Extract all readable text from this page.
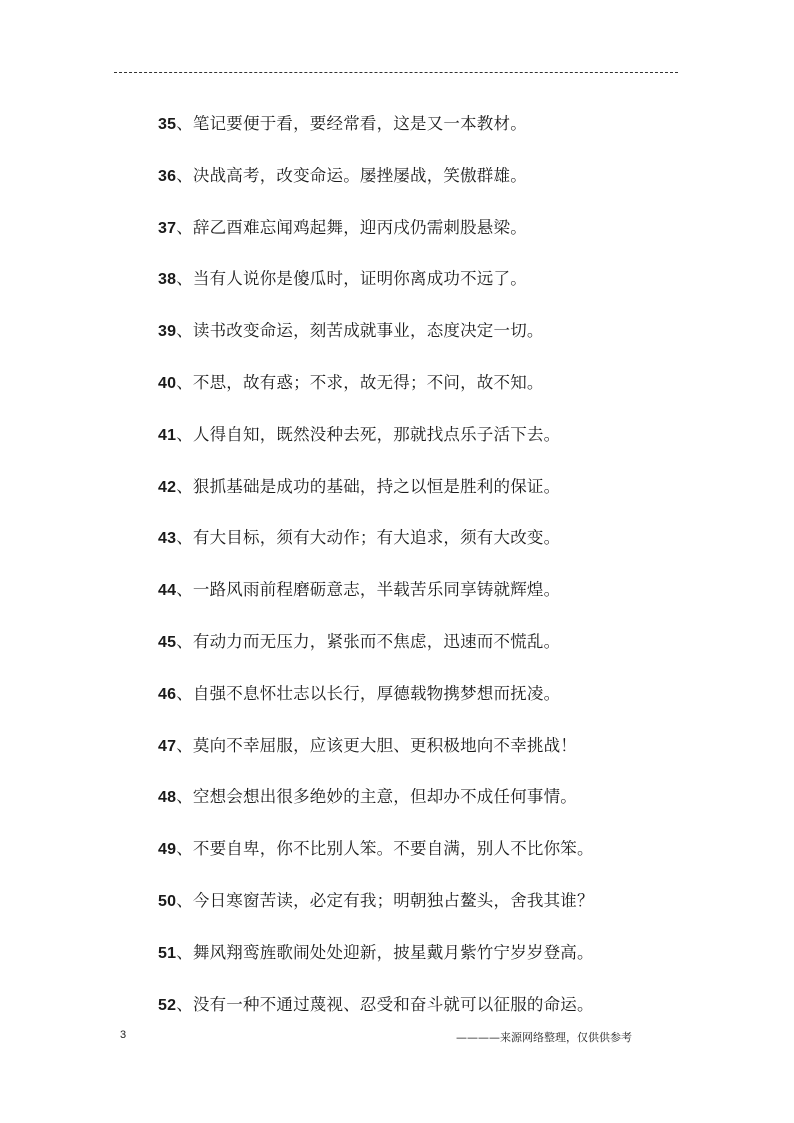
35、笔记要便于看，要经常看，这是又一本教材。
36、决战高考，改变命运。屡挫屡战，笑傲群雄。
37、辞乙酉难忘闻鸡起舞，迎丙戌仍需刺股悬梁。
38、当有人说你是傻瓜时，证明你离成功不远了。
39、读书改变命运，刻苦成就事业，态度决定一切。
40、不思，故有惑；不求，故无得；不问，故不知。
41、人得自知，既然没种去死，那就找点乐子活下去。
42、狠抓基础是成功的基础，持之以恒是胜利的保证。
43、有大目标，须有大动作；有大追求，须有大改变。
44、一路风雨前程磨砺意志，半载苦乐同享铸就辉煌。
45、有动力而无压力，紧张而不焦虑，迅速而不慌乱。
46、自强不息怀壮志以长行，厚德载物携梦想而抚凌。
47、莫向不幸屈服，应该更大胆、更积极地向不幸挑战！
48、空想会想出很多绝妙的主意，但却办不成任何事情。
49、不要自卑，你不比别人笨。不要自满，别人不比你笨。
50、今日寒窗苦读，必定有我；明朝独占鳌头，舍我其谁？
51、舞风翔鸾旌歌闹处处迎新，披星戴月紫竹宁岁岁登高。
52、没有一种不通过蔑视、忍受和奋斗就可以征服的命运。
3	————来源网络整理，仅供供参考
